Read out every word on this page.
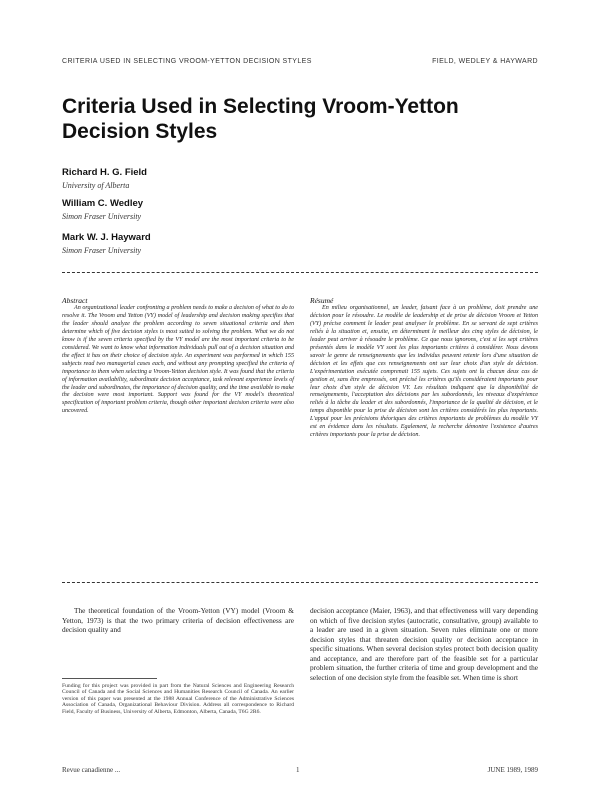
CRITERIA USED IN SELECTING VROOM-YETTON DECISION STYLES	FIELD, WEDLEY & HAYWARD
Criteria Used in Selecting Vroom-Yetton Decision Styles
Richard H. G. Field
University of Alberta
William C. Wedley
Simon Fraser University
Mark W. J. Hayward
Simon Fraser University
Abstract
An organizational leader confronting a problem needs to make a decision of what to do to resolve it. The Vroom and Yetton (VY) model of leadership and decision making specifies that the leader should analyze the problem according to seven situational criteria and then determine which of five decision styles is most suited to solving the problem. What we do not know is if the seven criteria specified by the VY model are the most important criteria to be considered. We want to know what information individuals pull out of a decision situation and the effect it has on their choice of decision style. An experiment was performed in which 155 subjects read two managerial cases each, and without any prompting specified the criteria of importance to them when selecting a Vroom-Yetton decision style. It was found that the criteria of information availability, subordinate decision acceptance, task relevant experience levels of the leader and subordinates, the importance of decision quality, and the time available to make the decision were most important. Support was found for the VY model's theoretical specification of important problem criteria, though other important decision criteria were also uncovered.
Résumé
En milieu organisationnel, un leader, faisant face à un problème, doit prendre une décision pour le résoudre. Le modèle de leadership et de prise de décision Vroom et Yetton (VY) précise comment le leader peut analyser le problème. En se servant de sept critères reliés à la situation et, ensuite, en déterminant le meilleur des cinq styles de décision, le leader peut arriver à résoudre le problème. Ce que nous ignorons, c'est si les sept critères présentés dans le modèle VY sont les plus importants critères à considérer. Nous devons savoir le genre de renseignements que les individus peuvent retenir lors d'une situation de décision et les effets que ces renseignements ont sur leur choix d'un style de décision. L'expérimentation exécutée comprenait 155 sujets. Ces sujets ont lu chacun deux cas de gestion et, sans être empressés, ont précisé les critères qu'ils considéraient importants pour leur choix d'un style de décision VY. Les résultats indiquent que la disponibilité de renseignements, l'acceptation des décisions par les subordonnés, les niveaux d'expérience reliés à la tâche du leader et des subordonnés, l'importance de la qualité de décision, et le temps disponible pour la prise de décision sont les critères considérés les plus importants. L'appui pour les précisions théoriques des critères importants de problèmes du modèle VY est en évidence dans les résultats. Egalement, la recherche démontre l'existence d'autres critères importants pour la prise de décision.
The theoretical foundation of the Vroom-Yetton (VY) model (Vroom & Yetton, 1973) is that the two primary criteria of decision effectiveness are decision quality and
Funding for this project was provided in part from the Natural Sciences and Engineering Research Council of Canada and the Social Sciences and Humanities Research Council of Canada. An earlier version of this paper was presented at the 1988 Annual Conference of the Administrative Sciences Association of Canada, Organizational Behaviour Division. Address all correspondence to Richard Field, Faculty of Business, University of Alberta, Edmonton, Alberta, Canada, T6G 2R6.
decision acceptance (Maier, 1963), and that effectiveness will vary depending on which of five decision styles (autocratic, consultative, group) available to a leader are used in a given situation. Seven rules eliminate one or more decision styles that threaten decision quality or decision acceptance in specific situations. When several decision styles protect both decision quality and acceptance, and are therefore part of the feasible set for a particular problem situation, the further criteria of time and group development and the selection of one decision style from the feasible set. When time is short
Revue canadienne ...	1	JUNE 1989, 1989
